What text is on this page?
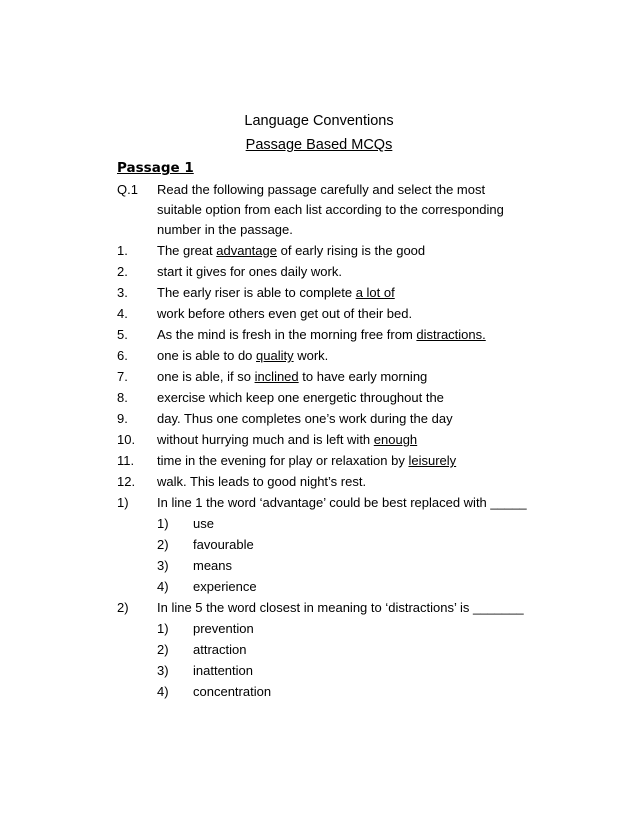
Language Conventions
Passage Based MCQs
Passage 1
Q.1 Read the following passage carefully and select the most
suitable option from each list according to the corresponding
number in the passage.
1. The great advantage of early rising is the good
2. start it gives for ones daily work.
3. The early riser is able to complete a lot of
4. work before others even get out of their bed.
5. As the mind is fresh in the morning free from distractions.
6. one is able to do quality work.
7. one is able, if so inclined to have early morning
8. exercise which keep one energetic throughout the
9. day. Thus one completes one’s work during the day
10. without hurrying much and is left with enough
11. time in the evening for play or relaxation by leisurely
12. walk. This leads to good night’s rest.
1) In line 1 the word ‘advantage’ could be best replaced with _____
1) use
2) favourable
3) means
4) experience
2) In line 5 the word closest in meaning to ‘distractions’ is _______
1) prevention
2) attraction
3) inattention
4) concentration
